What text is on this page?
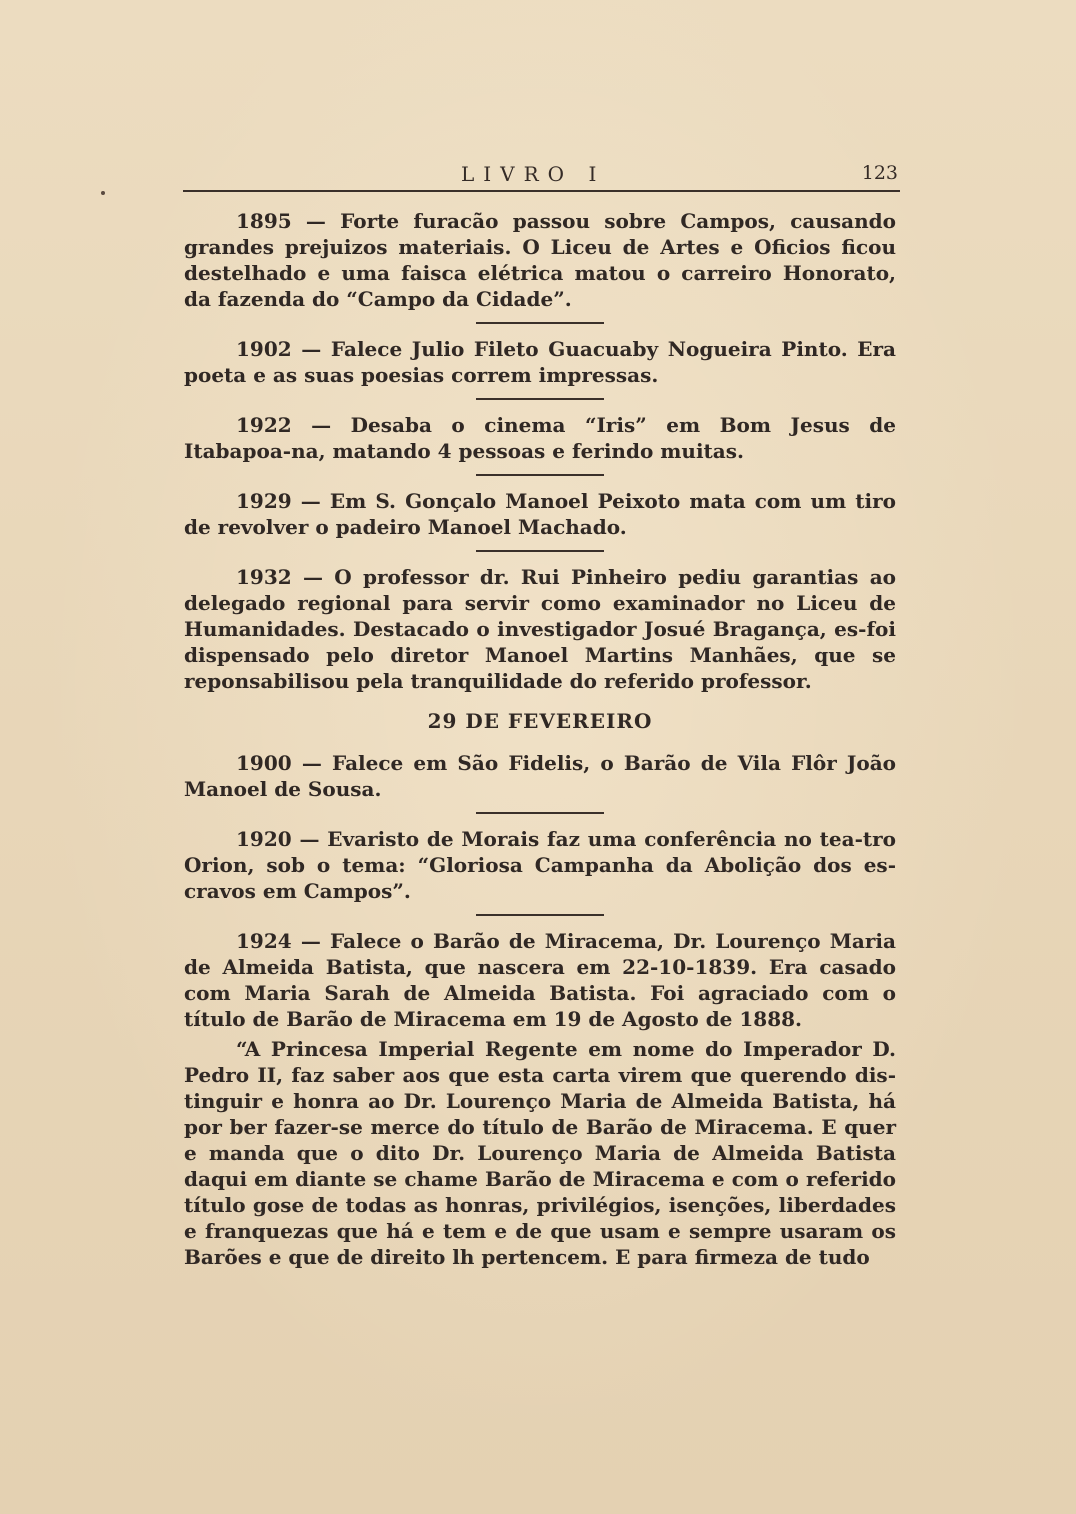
LIVRO I	123

1895 — Forte furacão passou sobre Campos, causando grandes prejuizos materiais. O Liceu de Artes e Oficios ficou destelhado e uma faisca elétrica matou o carreiro Honorato, da fazenda do “Campo da Cidade”.

1902 — Falece Julio Fileto Guacuaby Nogueira Pinto. Era poeta e as suas poesias correm impressas.

1922 — Desaba o cinema “Iris” em Bom Jesus de Itabapoa-na, matando 4 pessoas e ferindo muitas.

1929 — Em S. Gonçalo Manoel Peixoto mata com um tiro de revolver o padeiro Manoel Machado.

1932 — O professor dr. Rui Pinheiro pediu garantias ao delegado regional para servir como examinador no Liceu de Humanidades. Destacado o investigador Josué Bragança, es-foi dispensado pelo diretor Manoel Martins Manhães, que se reponsabilisou pela tranquilidade do referido professor.

29 DE FEVEREIRO

1900 — Falece em São Fidelis, o Barão de Vila Flôr João Manoel de Sousa.

1920 — Evaristo de Morais faz uma conferência no tea-tro Orion, sob o tema: “Gloriosa Campanha da Abolição dos es-cravos em Campos”.

1924 — Falece o Barão de Miracema, Dr. Lourenço Maria de Almeida Batista, que nascera em 22-10-1839. Era casado com Maria Sarah de Almeida Batista. Foi agraciado com o título de Barão de Miracema em 19 de Agosto de 1888.

“A Princesa Imperial Regente em nome do Imperador D. Pedro II, faz saber aos que esta carta virem que querendo dis-tinguir e honra ao Dr. Lourenço Maria de Almeida Batista, há por ber fazer-se merce do título de Barão de Miracema. E quer e manda que o dito Dr. Lourenço Maria de Almeida Batista daqui em diante se chame Barão de Miracema e com o referido título gose de todas as honras, privilégios, isenções, liberdades e franquezas que há e tem e de que usam e sempre usaram os Barões e que de direito lh pertencem. E para firmeza de tudo
